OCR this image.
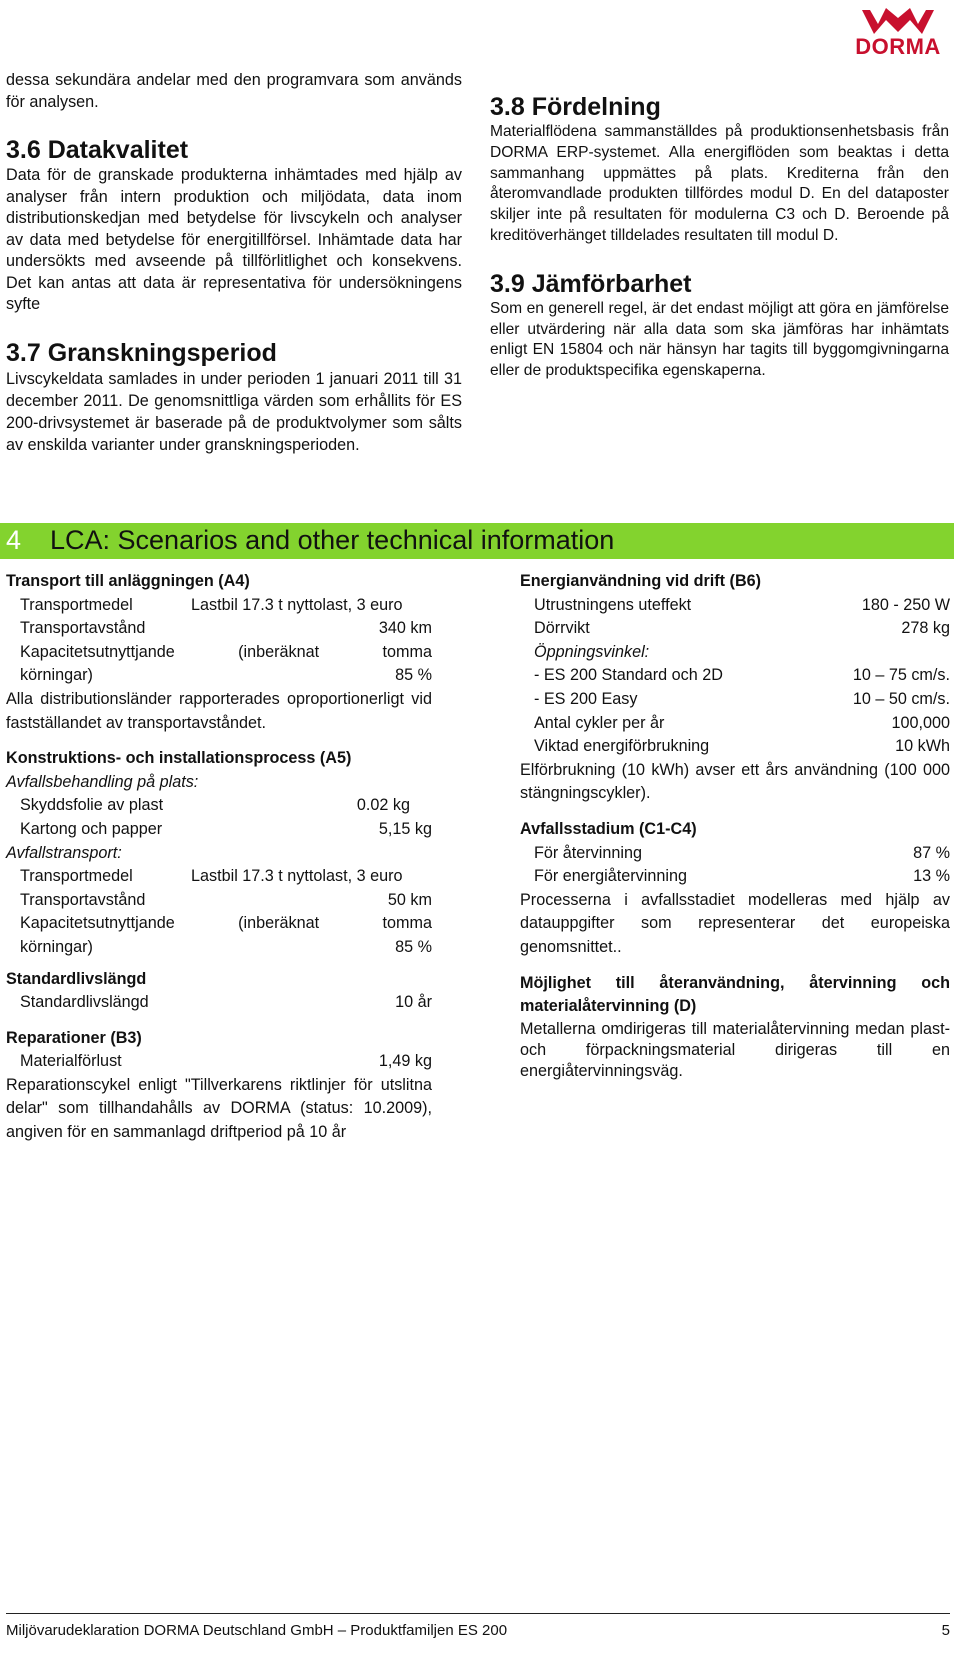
DORMA

dessa sekundära andelar med den programvara som används för analysen.

3.6 Datakvalitet

Data för de granskade produkterna inhämtades med hjälp av analyser från intern produktion och miljödata, data inom distributionskedjan med betydelse för livscykeln och analyser av data med betydelse för energitillförsel. Inhämtade data har undersökts med avseende på tillförlitlighet och konsekvens. Det kan antas att data är representativa för undersökningens syfte

3.7 Granskningsperiod

Livscykeldata samlades in under perioden 1 januari 2011 till 31 december 2011. De genomsnittliga värden som erhållits för ES 200-drivsystemet är baserade på de produktvolymer som sålts av enskilda varianter under granskningsperioden.

3.8 Fördelning

Materialflödena sammanställdes på produktionsenhetsbasis från DORMA ERP-systemet. Alla energiflöden som beaktas i detta sammanhang uppmättes på plats. Krediterna från den återomvandlade produkten tillfördes modul D. En del dataposter skiljer inte på resultaten för modulerna C3 och D. Beroende på kreditöverhänget tilldelades resultaten till modul D.

3.9 Jämförbarhet

Som en generell regel, är det endast möjligt att göra en jämförelse eller utvärdering när alla data som ska jämföras har inhämtats enligt EN 15804 och när hänsyn har tagits till byggomgivningarna eller de produktspecifika egenskaperna.

4 LCA: Scenarios and other technical information
Transport till anläggningen (A4)
Transportmedel	Lastbil 17.3 t nyttolast, 3 euro
Transportavstånd	340 km
Kapacitetsutnyttjande	(inberäknat	tomma
körningar)	85 %

Alla distributionsländer rapporterades oproportionerligt vid fastställandet av transportavståndet.

Konstruktions- och installationsprocess (A5)
Avfallsbehandling på plats:
Skyddsfolie av plast	0.02 kg
Kartong och papper	5,15 kg
Avfallstransport:
Transportmedel	Lastbil 17.3 t nyttolast, 3 euro
Transportavstånd	50 km
Kapacitetsutnyttjande	(inberäknat	tomma
körningar)	85 %
Standardlivslängd
Standardlivslängd	10 år
Reparationer (B3)
Materialförlust	1,49 kg

Reparationscykel enligt "Tillverkarens riktlinjer för utslitna delar" som tillhandahålls av DORMA (status: 10.2009), angiven för en sammanlagd driftperiod på 10 år

Energianvändning vid drift (B6)
Utrustningens uteffekt	180 - 250 W
Dörrvikt	278 kg
Öppningsvinkel:
- ES 200 Standard och 2D	10 – 75 cm/s.
- ES 200 Easy	10 – 50 cm/s.
Antal cykler per år	100,000
Viktad energiförbrukning	10 kWh

Elförbrukning (10 kWh) avser ett års användning (100 000 stängningscykler).

Avfallsstadium (C1-C4)
För återvinning	87 %
För energiåtervinning	13 %

Processerna i avfallsstadiet modelleras med hjälp av datauppgifter som representerar det europeiska genomsnittet..

Möjlighet till återanvändning, återvinning och materialåtervinning (D)

Metallerna omdirigeras till materialåtervinning medan plast- och förpackningsmaterial dirigeras till en energiåtervinningsväg.

Miljövarudeklaration DORMA Deutschland GmbH – Produktfamiljen ES 200	5
